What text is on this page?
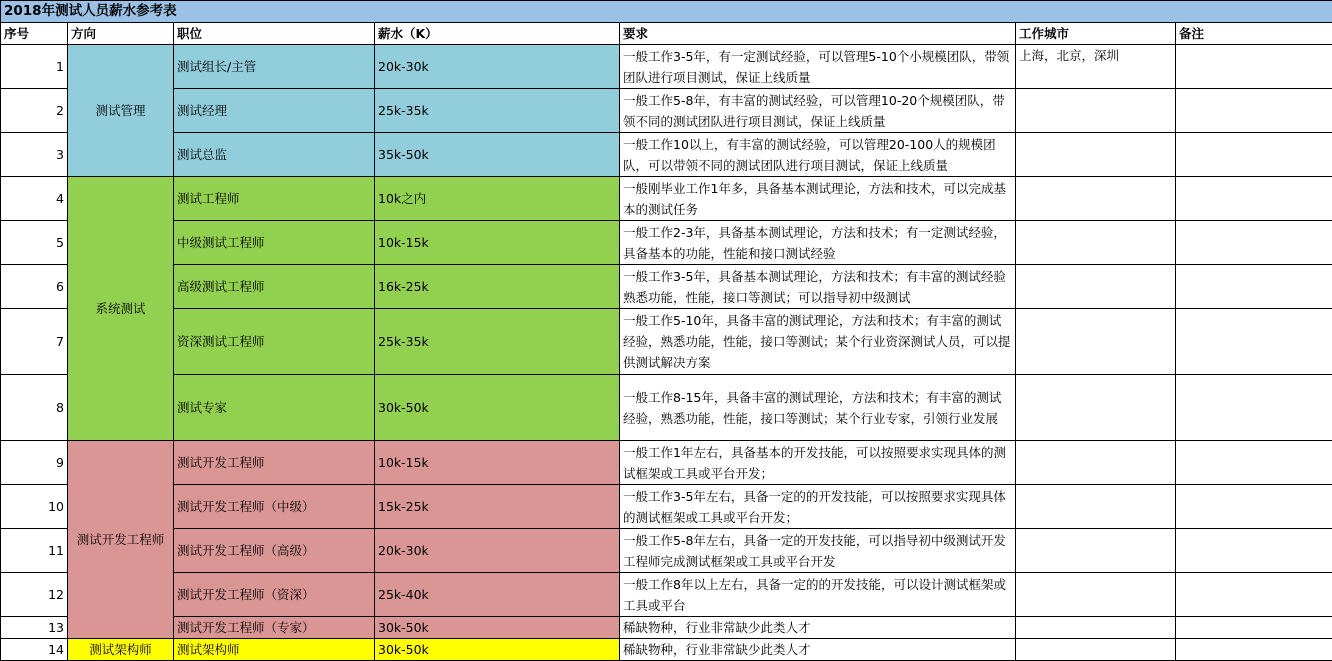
2018年测试人员薪水参考表						
序号	方向	职位	薪水（K）	要求	工作城市	备注
1	测试管理	测试组长/主管	20k-30k	一般工作3-5年，有一定测试经验，可以管理5-10个小规模团队，带领团队进行项目测试，保证上线质量	上海，北京，深圳	
2		测试经理	25k-35k	一般工作5-8年，有丰富的测试经验，可以管理10-20个规模团队，带领不同的测试团队进行项目测试，保证上线质量		
3		测试总监	35k-50k	一般工作10以上，有丰富的测试经验，可以管理20-100人的规模团队，可以带领不同的测试团队进行项目测试，保证上线质量		
4	系统测试	测试工程师	10k之内	一般刚毕业工作1年多，具备基本测试理论，方法和技术，可以完成基本的测试任务		
5		中级测试工程师	10k-15k	一般工作2-3年，具备基本测试理论，方法和技术；有一定测试经验，具备基本的功能，性能和接口测试经验		
6		高级测试工程师	16k-25k	一般工作3-5年，具备基本测试理论，方法和技术；有丰富的测试经验熟悉功能，性能，接口等测试；可以指导初中级测试		
7		资深测试工程师	25k-35k	一般工作5-10年，具备丰富的测试理论，方法和技术；有丰富的测试经验，熟悉功能，性能，接口等测试；某个行业资深测试人员，可以提供测试解决方案		
8		测试专家	30k-50k	一般工作8-15年，具备丰富的测试理论，方法和技术；有丰富的测试经验，熟悉功能，性能，接口等测试；某个行业专家，引领行业发展		
9	测试开发工程师	测试开发工程师	10k-15k	一般工作1年左右，具备基本的开发技能，可以按照要求实现具体的测试框架或工具或平台开发；		
10		测试开发工程师（中级）	15k-25k	一般工作3-5年左右，具备一定的的开发技能，可以按照要求实现具体的测试框架或工具或平台开发；		
11		测试开发工程师（高级）	20k-30k	一般工作5-8年左右，具备一定的开发技能，可以指导初中级测试开发工程师完成测试框架或工具或平台开发		
12		测试开发工程师（资深）	25k-40k	一般工作8年以上左右，具备一定的的开发技能，可以设计测试框架或工具或平台		
13		测试开发工程师（专家）	30k-50k	稀缺物种，行业非常缺少此类人才		
14	测试架构师	测试架构师	30k-50k	稀缺物种，行业非常缺少此类人才		
